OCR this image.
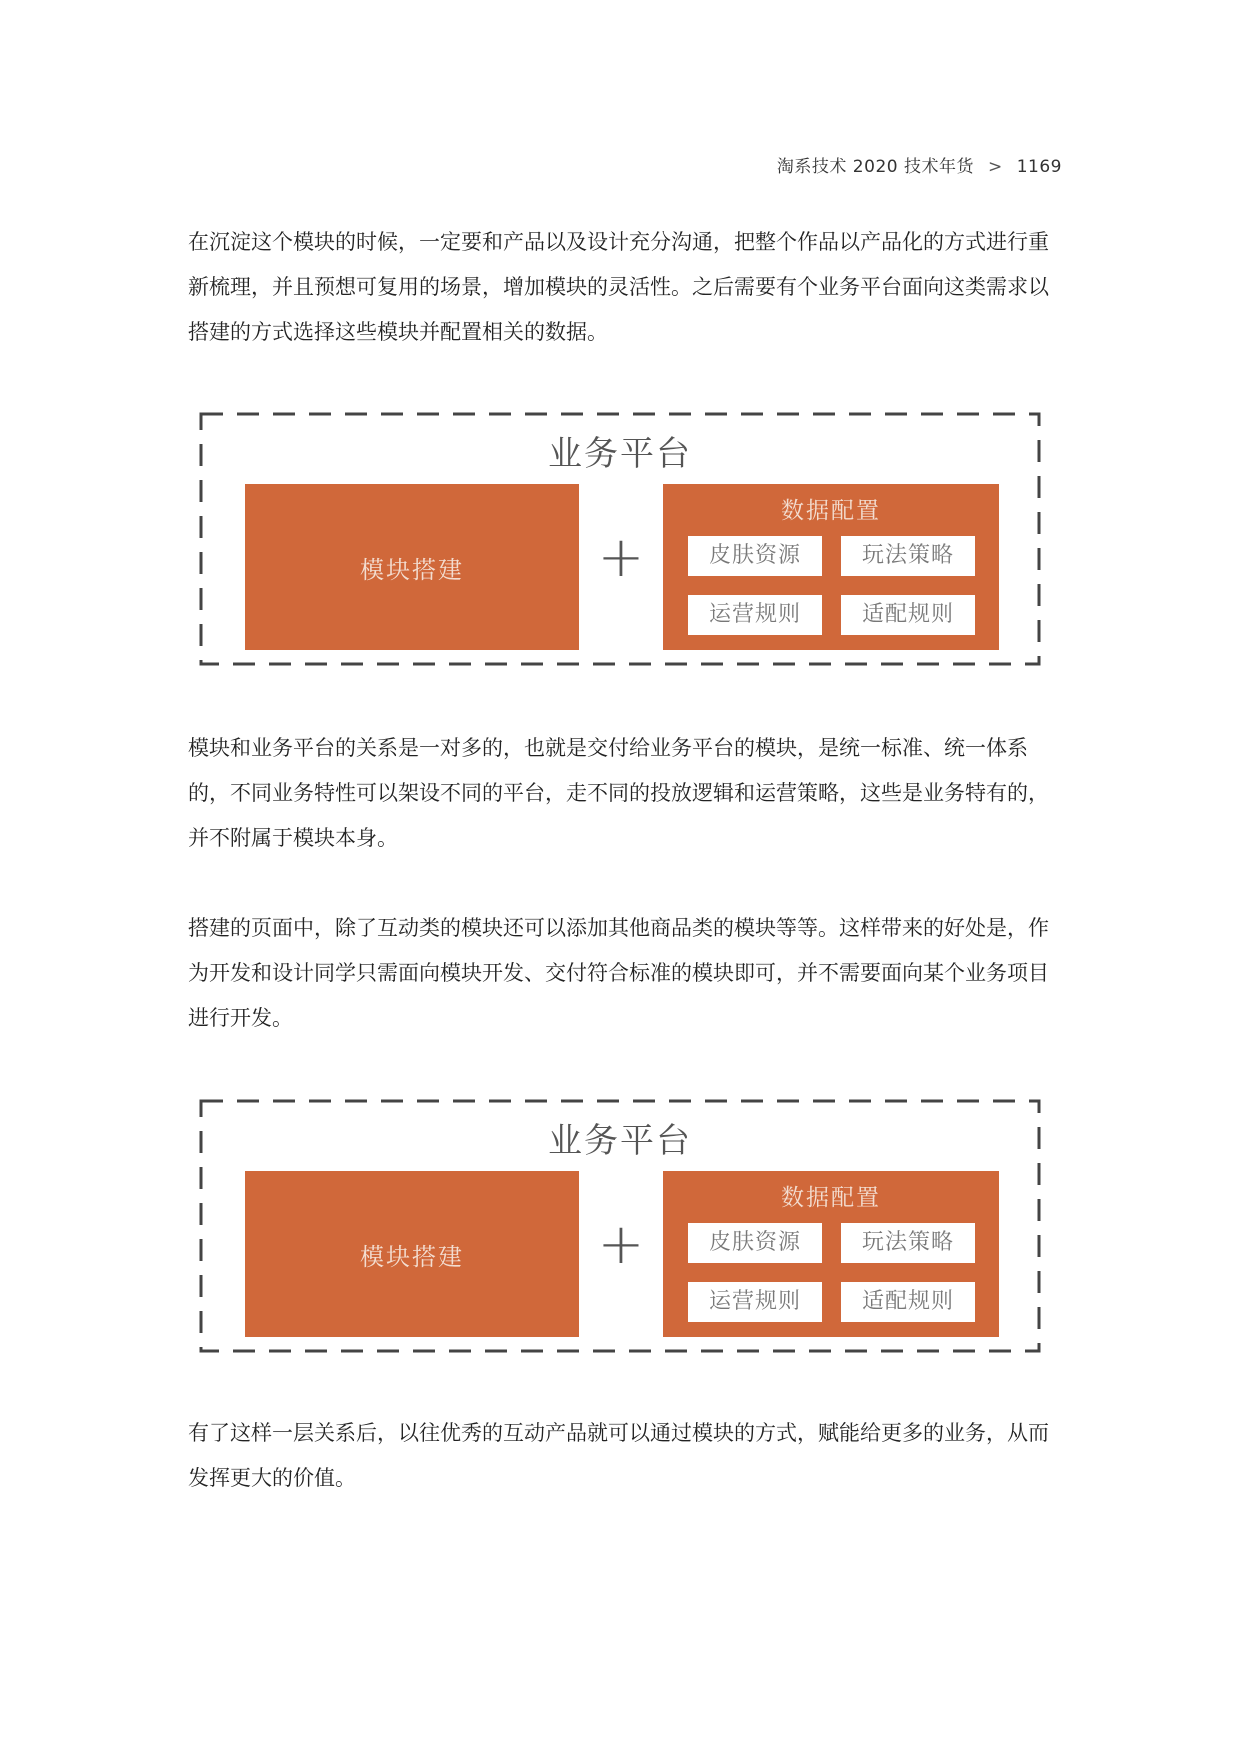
淘系技术 2020 技术年货 > 1169

在沉淀这个模块的时候，一定要和产品以及设计充分沟通，把整个作品以产品化的方式进行重新梳理，并且预想可复用的场景，增加模块的灵活性。之后需要有个业务平台面向这类需求以搭建的方式选择这些模块并配置相关的数据。

业务平台
模块搭建 +
数据配置
皮肤资源	玩法策略
运营规则	适配规则

模块和业务平台的关系是一对多的，也就是交付给业务平台的模块，是统一标准、统一体系的，不同业务特性可以架设不同的平台，走不同的投放逻辑和运营策略，这些是业务特有的，并不附属于模块本身。

搭建的页面中，除了互动类的模块还可以添加其他商品类的模块等等。这样带来的好处是，作为开发和设计同学只需面向模块开发、交付符合标准的模块即可，并不需要面向某个业务项目进行开发。

业务平台
模块搭建 +
数据配置
皮肤资源	玩法策略
运营规则	适配规则

有了这样一层关系后，以往优秀的互动产品就可以通过模块的方式，赋能给更多的业务，从而发挥更大的价值。
